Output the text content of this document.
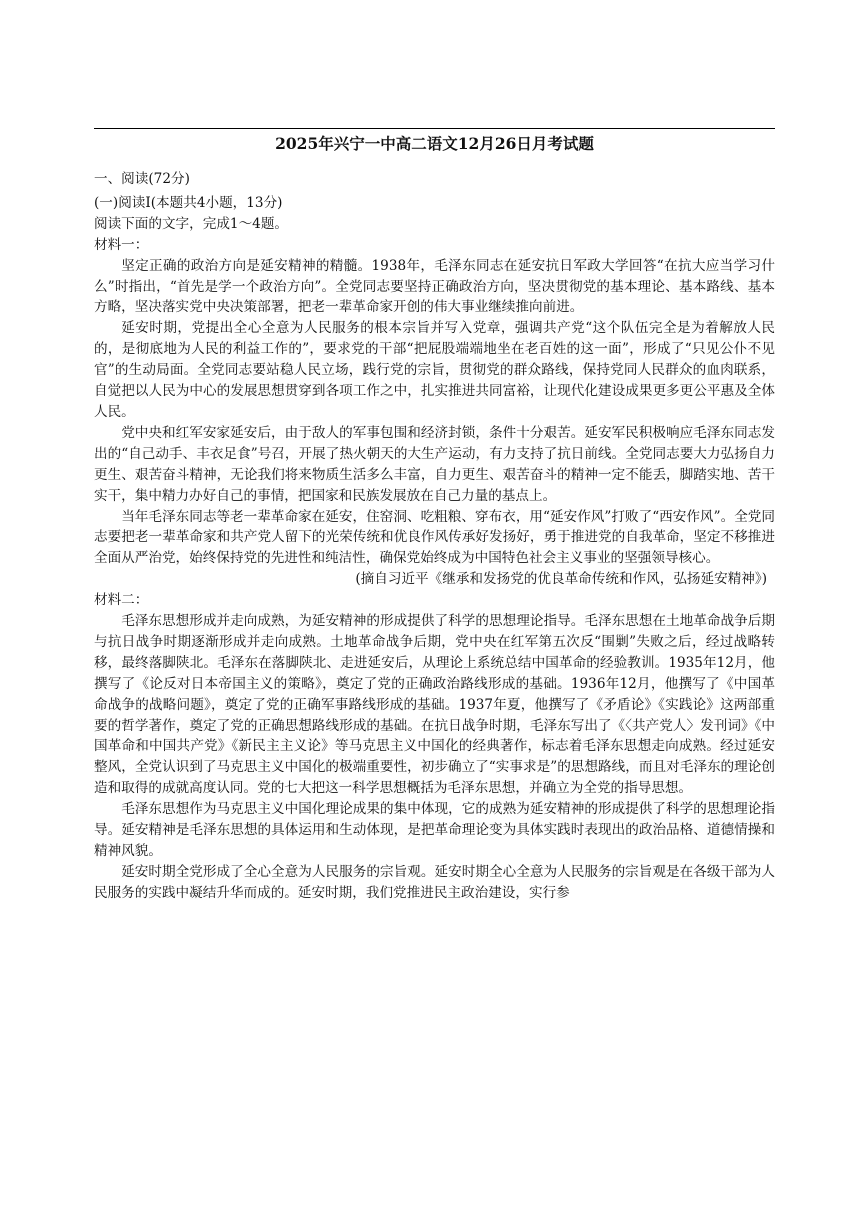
2025年兴宁一中高二语文12月26日月考试题

一、阅读(72分)

(一)阅读Ⅰ(本题共4小题，13分)

阅读下面的文字，完成1～4题。

材料一：

坚定正确的政治方向是延安精神的精髓。1938年，毛泽东同志在延安抗日军政大学回答“在抗大应当学习什么”时指出，“首先是学一个政治方向”。全党同志要坚持正确政治方向，坚决贯彻党的基本理论、基本路线、基本方略，坚决落实党中央决策部署，把老一辈革命家开创的伟大事业继续推向前进。

延安时期，党提出全心全意为人民服务的根本宗旨并写入党章，强调共产党“这个队伍完全是为着解放人民的，是彻底地为人民的利益工作的”，要求党的干部“把屁股端端地坐在老百姓的这一面”，形成了“只见公仆不见官”的生动局面。全党同志要站稳人民立场，践行党的宗旨，贯彻党的群众路线，保持党同人民群众的血肉联系，自觉把以人民为中心的发展思想贯穿到各项工作之中，扎实推进共同富裕，让现代化建设成果更多更公平惠及全体人民。

党中央和红军安家延安后，由于敌人的军事包围和经济封锁，条件十分艰苦。延安军民积极响应毛泽东同志发出的“自己动手、丰衣足食”号召，开展了热火朝天的大生产运动，有力支持了抗日前线。全党同志要大力弘扬自力更生、艰苦奋斗精神，无论我们将来物质生活多么丰富，自力更生、艰苦奋斗的精神一定不能丢，脚踏实地、苦干实干，集中精力办好自己的事情，把国家和民族发展放在自己力量的基点上。

当年毛泽东同志等老一辈革命家在延安，住窑洞、吃粗粮、穿布衣，用“延安作风”打败了“西安作风”。全党同志要把老一辈革命家和共产党人留下的光荣传统和优良作风传承好发扬好，勇于推进党的自我革命，坚定不移推进全面从严治党，始终保持党的先进性和纯洁性，确保党始终成为中国特色社会主义事业的坚强领导核心。

(摘自习近平《继承和发扬党的优良革命传统和作风，弘扬延安精神》)

材料二：

毛泽东思想形成并走向成熟，为延安精神的形成提供了科学的思想理论指导。毛泽东思想在土地革命战争后期与抗日战争时期逐渐形成并走向成熟。土地革命战争后期，党中央在红军第五次反“围剿”失败之后，经过战略转移，最终落脚陕北。毛泽东在落脚陕北、走进延安后，从理论上系统总结中国革命的经验教训。1935年12月，他撰写了《论反对日本帝国主义的策略》，奠定了党的正确政治路线形成的基础。1936年12月，他撰写了《中国革命战争的战略问题》，奠定了党的正确军事路线形成的基础。1937年夏，他撰写了《矛盾论》《实践论》这两部重要的哲学著作，奠定了党的正确思想路线形成的基础。在抗日战争时期，毛泽东写出了《〈共产党人〉发刊词》《中国革命和中国共产党》《新民主主义论》等马克思主义中国化的经典著作，标志着毛泽东思想走向成熟。经过延安整风，全党认识到了马克思主义中国化的极端重要性，初步确立了“实事求是”的思想路线，而且对毛泽东的理论创造和取得的成就高度认同。党的七大把这一科学思想概括为毛泽东思想，并确立为全党的指导思想。

毛泽东思想作为马克思主义中国化理论成果的集中体现，它的成熟为延安精神的形成提供了科学的思想理论指导。延安精神是毛泽东思想的具体运用和生动体现，是把革命理论变为具体实践时表现出的政治品格、道德情操和精神风貌。

延安时期全党形成了全心全意为人民服务的宗旨观。延安时期全心全意为人民服务的宗旨观是在各级干部为人民服务的实践中凝结升华而成的。延安时期，我们党推进民主政治建设，实行参
